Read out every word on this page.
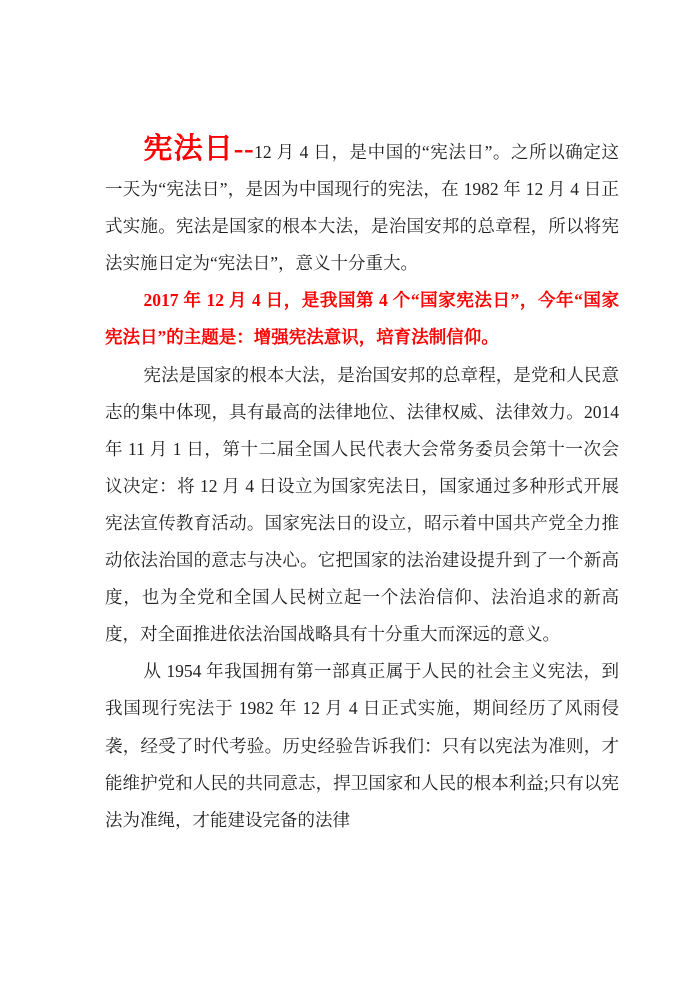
宪法日--12 月 4 日，是中国的“宪法日”。之所以确定这一天为“宪法日”，是因为中国现行的宪法，在 1982 年 12 月 4 日正式实施。宪法是国家的根本大法，是治国安邦的总章程，所以将宪法实施日定为“宪法日”，意义十分重大。

2017 年 12 月 4 日，是我国第 4 个“国家宪法日”，今年“国家宪法日”的主题是：增强宪法意识，培育法制信仰。

宪法是国家的根本大法，是治国安邦的总章程，是党和人民意志的集中体现，具有最高的法律地位、法律权威、法律效力。2014 年 11 月 1 日，第十二届全国人民代表大会常务委员会第十一次会议决定：将 12 月 4 日设立为国家宪法日，国家通过多种形式开展宪法宣传教育活动。国家宪法日的设立，昭示着中国共产党全力推动依法治国的意志与决心。它把国家的法治建设提升到了一个新高度，也为全党和全国人民树立起一个法治信仰、法治追求的新高度，对全面推进依法治国战略具有十分重大而深远的意义。

从 1954 年我国拥有第一部真正属于人民的社会主义宪法，到我国现行宪法于 1982 年 12 月 4 日正式实施，期间经历了风雨侵袭，经受了时代考验。历史经验告诉我们：只有以宪法为准则，才能维护党和人民的共同意志，捍卫国家和人民的根本利益;只有以宪法为准绳，才能建设完备的法律
